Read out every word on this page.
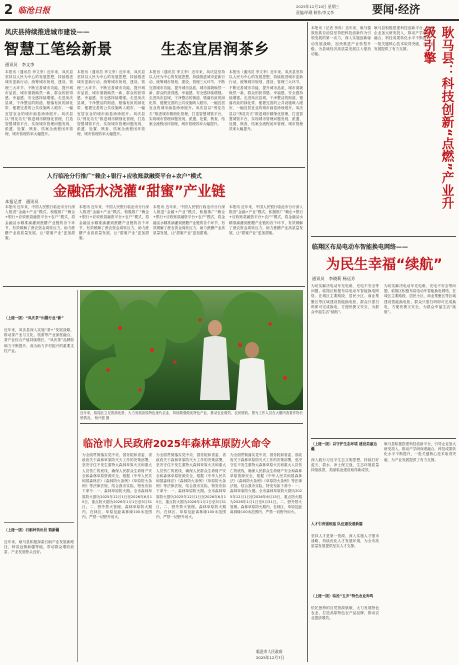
2 临沧日报	2025年12月10日 星期三
责编/毕璞 制作/李文李	要闻·经济
凤庆县持续推进城市建设——
智慧工笔绘新景	生态宜居润茶乡
通讯员　李文李
本报讯（通讯员 李文李）近年来，凤庆县坚持以人民为中心的发展思想，持续推进城市更新行动，统筹城市规划、建设、管理三大环节，不断完善城市功能，提升城市品质，城市面貌焕然一新，群众的获得感、幸福感、安全感持续增强。走进凤庆县城，干净整洁的街道、错落有致的绿化带、便捷完善的公共设施映入眼帘，一幅宜居宜业的城市画卷徐徐展开。凤庆县以“绣花功夫”推进城市精细化管理，打造智慧城管平台，实现城市管理问题发现、派遣、处置、核查、结案全流程闭环管理，城市管理效率大幅提升。
本报讯（通讯员 李文李）近年来，凤庆县坚持以人民为中心的发展思想，持续推进城市更新行动，统筹城市规划、建设、管理三大环节，不断完善城市功能，提升城市品质，城市面貌焕然一新，群众的获得感、幸福感、安全感持续增强。走进凤庆县城，干净整洁的街道、错落有致的绿化带、便捷完善的公共设施映入眼帘，一幅宜居宜业的城市画卷徐徐展开。凤庆县以“绣花功夫”推进城市精细化管理，打造智慧城管平台，实现城市管理问题发现、派遣、处置、核查、结案全流程闭环管理，城市管理效率大幅提升。
本报讯（通讯员 李文李）近年来，凤庆县坚持以人民为中心的发展思想，持续推进城市更新行动，统筹城市规划、建设、管理三大环节，不断完善城市功能，提升城市品质，城市面貌焕然一新，群众的获得感、幸福感、安全感持续增强。走进凤庆县城，干净整洁的街道、错落有致的绿化带、便捷完善的公共设施映入眼帘，一幅宜居宜业的城市画卷徐徐展开。凤庆县以“绣花功夫”推进城市精细化管理，打造智慧城管平台，实现城市管理问题发现、派遣、处置、核查、结案全流程闭环管理，城市管理效率大幅提升。
本报讯（通讯员 李文李）近年来，凤庆县坚持以人民为中心的发展思想，持续推进城市更新行动，统筹城市规划、建设、管理三大环节，不断完善城市功能，提升城市品质，城市面貌焕然一新，群众的获得感、幸福感、安全感持续增强。走进凤庆县城，干净整洁的街道、错落有致的绿化带、便捷完善的公共设施映入眼帘，一幅宜居宜业的城市画卷徐徐展开。凤庆县以“绣花功夫”推进城市精细化管理，打造智慧城管平台，实现城市管理问题发现、派遣、处置、核查、结案全流程闭环管理，城市管理效率大幅提升。
人行临沧分行推广“赖企+银行+应收账款融资平台+农户”模式
金融活水浇灌“甜蜜”产业链
本报记者　通讯员
本报讯 近年来，中国人民银行临沧市分行深入推进“金融+产业”模式，积极推广“赖企+银行+应收账款融资平台+农户”模式，将金融活水精准滴灌到蔗糖产业链的各个环节，有效缓解了蔗农资金周转压力，助力蔗糖产业高质量发展，让“甜蜜产业”更加甜蜜。
本报讯 近年来，中国人民银行临沧市分行深入推进“金融+产业”模式，积极推广“赖企+银行+应收账款融资平台+农户”模式，将金融活水精准滴灌到蔗糖产业链的各个环节，有效缓解了蔗农资金周转压力，助力蔗糖产业高质量发展，让“甜蜜产业”更加甜蜜。
本报讯 近年来，中国人民银行临沧市分行深入推进“金融+产业”模式，积极推广“赖企+银行+应收账款融资平台+农户”模式，将金融活水精准滴灌到蔗糖产业链的各个环节，有效缓解了蔗农资金周转压力，助力蔗糖产业高质量发展，让“甜蜜产业”更加甜蜜。
本报讯 近年来，中国人民银行临沧市分行深入推进“金融+产业”模式，积极推广“赖企+银行+应收账款融资平台+农户”模式，将金融活水精准滴灌到蔗糖产业链的各个环节，有效缓解了蔗农资金周转压力，助力蔗糖产业高质量发展，让“甜蜜产业”更加甜蜜。
（上接一版）“凤庆茶”出圈行业“新”
近年来，凤庆县深入实施“茶+”发展战略，推动茶产业与文化、旅游等产业深度融合，茶产业综合产值持续增长，“凤庆茶”品牌影响力不断提升，成为助力乡村振兴的重要支柱产业。
（上接一版）石斛种苗出县 销新疆
近年来，耿马县积极探索石斛产业发展新路径，种苗远销新疆等地，带动群众增收致富，产业发展势头良好。
近年来，临翔区立足资源优势，大力发展高原特色现代农业，持续做强做优特色产业，推动农业增效、农民增收。图为工作人员在大棚内查看作物长势情况。 杨兴强 摄
临沧市人民政府2025年森林草原防火命令
为全面贯彻落实党中央、国务院和省委、省政府关于森林草原防灭火工作的决策部署，坚决守住不发生重特大森林草原火灾和重大人员伤亡的底线，确保人民群众生命财产安全和森林草原资源安全，根据《中华人民共和国森林法》《森林防火条例》《草原防火条例》等法律法规，结合我市实际，特发布如下命令：一、森林草原防火期。全市森林草原防火期为2025年12月1日至2026年6月15日，重点防火期为2026年1月1日至5月31日。二、野外禁火管理。森林草原防火期内，在林区、草原及距离林缘100米范围内，严禁一切野外用火。
为全面贯彻落实党中央、国务院和省委、省政府关于森林草原防灭火工作的决策部署，坚决守住不发生重特大森林草原火灾和重大人员伤亡的底线，确保人民群众生命财产安全和森林草原资源安全，根据《中华人民共和国森林法》《森林防火条例》《草原防火条例》等法律法规，结合我市实际，特发布如下命令：一、森林草原防火期。全市森林草原防火期为2025年12月1日至2026年6月15日，重点防火期为2026年1月1日至5月31日。二、野外禁火管理。森林草原防火期内，在林区、草原及距离林缘100米范围内，严禁一切野外用火。
为全面贯彻落实党中央、国务院和省委、省政府关于森林草原防灭火工作的决策部署，坚决守住不发生重特大森林草原火灾和重大人员伤亡的底线，确保人民群众生命财产安全和森林草原资源安全，根据《中华人民共和国森林法》《森林防火条例》《草原防火条例》等法律法规，结合我市实际，特发布如下命令：一、森林草原防火期。全市森林草原防火期为2025年12月1日至2026年6月15日，重点防火期为2026年1月1日至5月31日。二、野外禁火管理。森林草原防火期内，在林区、草原及距离林缘100米范围内，严禁一切野外用火。
临沧市人民政府
2025年12月7日
本报讯（记者 李冉）近年来，耿马傣族佤族自治县坚持把科技创新作为引领发展的第一动力，深入实施创新驱动发展战略，加快推进产业转型升级，为县域经济高质量发展注入强劲动能。
耿马县积极搭建科技创新平台，引导企业加大研发投入，推动产学研深度融合，科技成果转化水平不断提升，一批关键核心技术取得突破，为产业发展提供了有力支撑。	耿马县：科技创新“点燃”产业升级引擎
临翔区布局电动车智能换电网络——
为民生幸福“续航”
通讯员　李晓莉 杨远芳
为切实解决电动车充电难、充电不安全等问题，临翔区积极布局电动车智能换电网络，在城区主要路段、居民小区、商业集聚区等区域建设智能换电柜，群众只需扫码即可完成换电，方便快捷又安全，为群众幸福生活“续航”。
为切实解决电动车充电难、充电不安全等问题，临翔区积极布局电动车智能换电网络，在城区主要路段、居民小区、商业集聚区等区域建设智能换电柜，群众只需扫码即可完成换电，方便快捷又安全，为群众幸福生活“续航”。
（上接一版）以守护生态环境 建设美丽边疆
深入践行习近平生态文明思想，持续打好蓝天、碧水、净土保卫战，生态环境质量持续改善，美丽临沧建设取得新成效。
人才引育强根基 队伍建设谱新篇
坚持人才是第一资源，深入实施人才强市战略，持续优化人才发展环境，为全市高质量发展提供坚实人才支撑。
（上接一版）临沧“五乡”特色农业奔鸣
依托独特的自然资源禀赋，大力发展特色农业，打造高原特色农产品品牌，推动农业提质增效。
耿马县积极搭建科技创新平台，引导企业加大研发投入，推动产学研深度融合，科技成果转化水平不断提升，一批关键核心技术取得突破，为产业发展提供了有力支撑。
